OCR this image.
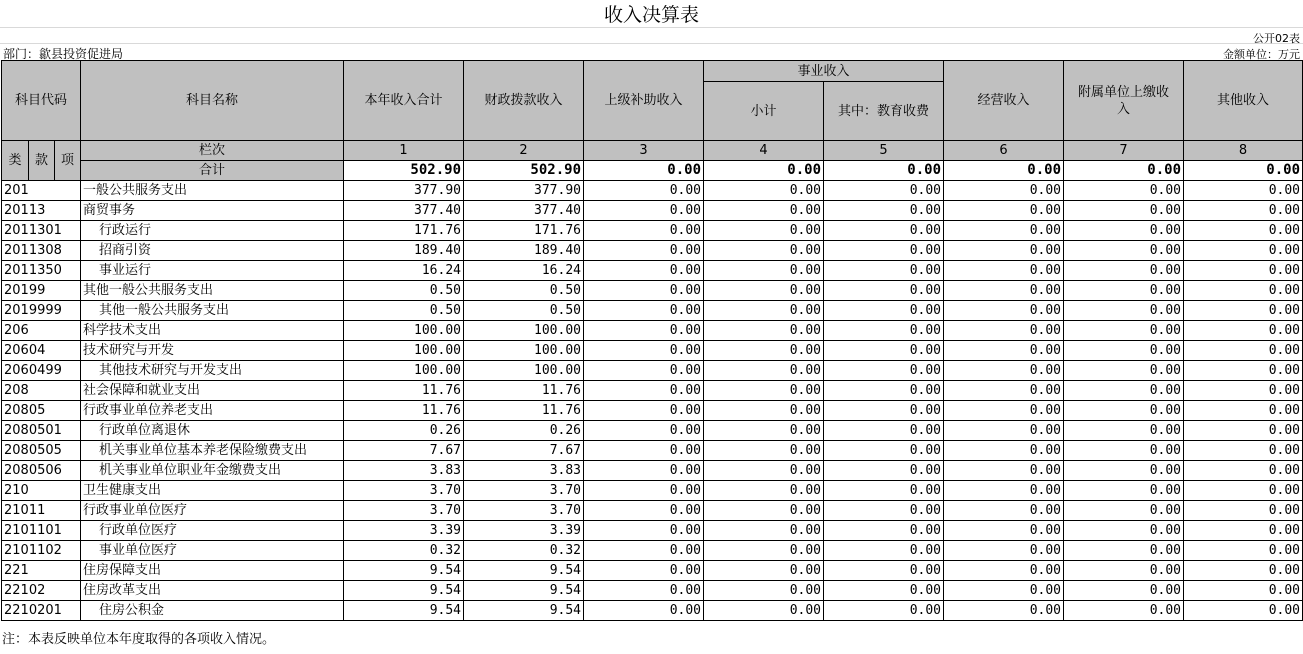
收入决算表
公开02表
部门：歙县投资促进局	金额单位：万元
科目代码			科目名称	本年收入合计	财政拨款收入	上级补助收入	事业收入		经营收入	附属单位上缴收入	其他收入
							小计	其中：教育收费			
类	款	项	栏次	1	2	3	4	5	6	7	8
			合计	502.90	502.90	0.00	0.00	0.00	0.00	0.00	0.00
201			一般公共服务支出	377.90	377.90	0.00	0.00	0.00	0.00	0.00	0.00
20113			商贸事务	377.40	377.40	0.00	0.00	0.00	0.00	0.00	0.00
2011301			行政运行	171.76	171.76	0.00	0.00	0.00	0.00	0.00	0.00
2011308			招商引资	189.40	189.40	0.00	0.00	0.00	0.00	0.00	0.00
2011350			事业运行	16.24	16.24	0.00	0.00	0.00	0.00	0.00	0.00
20199			其他一般公共服务支出	0.50	0.50	0.00	0.00	0.00	0.00	0.00	0.00
2019999			其他一般公共服务支出	0.50	0.50	0.00	0.00	0.00	0.00	0.00	0.00
206			科学技术支出	100.00	100.00	0.00	0.00	0.00	0.00	0.00	0.00
20604			技术研究与开发	100.00	100.00	0.00	0.00	0.00	0.00	0.00	0.00
2060499			其他技术研究与开发支出	100.00	100.00	0.00	0.00	0.00	0.00	0.00	0.00
208			社会保障和就业支出	11.76	11.76	0.00	0.00	0.00	0.00	0.00	0.00
20805			行政事业单位养老支出	11.76	11.76	0.00	0.00	0.00	0.00	0.00	0.00
2080501			行政单位离退休	0.26	0.26	0.00	0.00	0.00	0.00	0.00	0.00
2080505			机关事业单位基本养老保险缴费支出	7.67	7.67	0.00	0.00	0.00	0.00	0.00	0.00
2080506			机关事业单位职业年金缴费支出	3.83	3.83	0.00	0.00	0.00	0.00	0.00	0.00
210			卫生健康支出	3.70	3.70	0.00	0.00	0.00	0.00	0.00	0.00
21011			行政事业单位医疗	3.70	3.70	0.00	0.00	0.00	0.00	0.00	0.00
2101101			行政单位医疗	3.39	3.39	0.00	0.00	0.00	0.00	0.00	0.00
2101102			事业单位医疗	0.32	0.32	0.00	0.00	0.00	0.00	0.00	0.00
221			住房保障支出	9.54	9.54	0.00	0.00	0.00	0.00	0.00	0.00
22102			住房改革支出	9.54	9.54	0.00	0.00	0.00	0.00	0.00	0.00
2210201			住房公积金	9.54	9.54	0.00	0.00	0.00	0.00	0.00	0.00
注：本表反映单位本年度取得的各项收入情况。
